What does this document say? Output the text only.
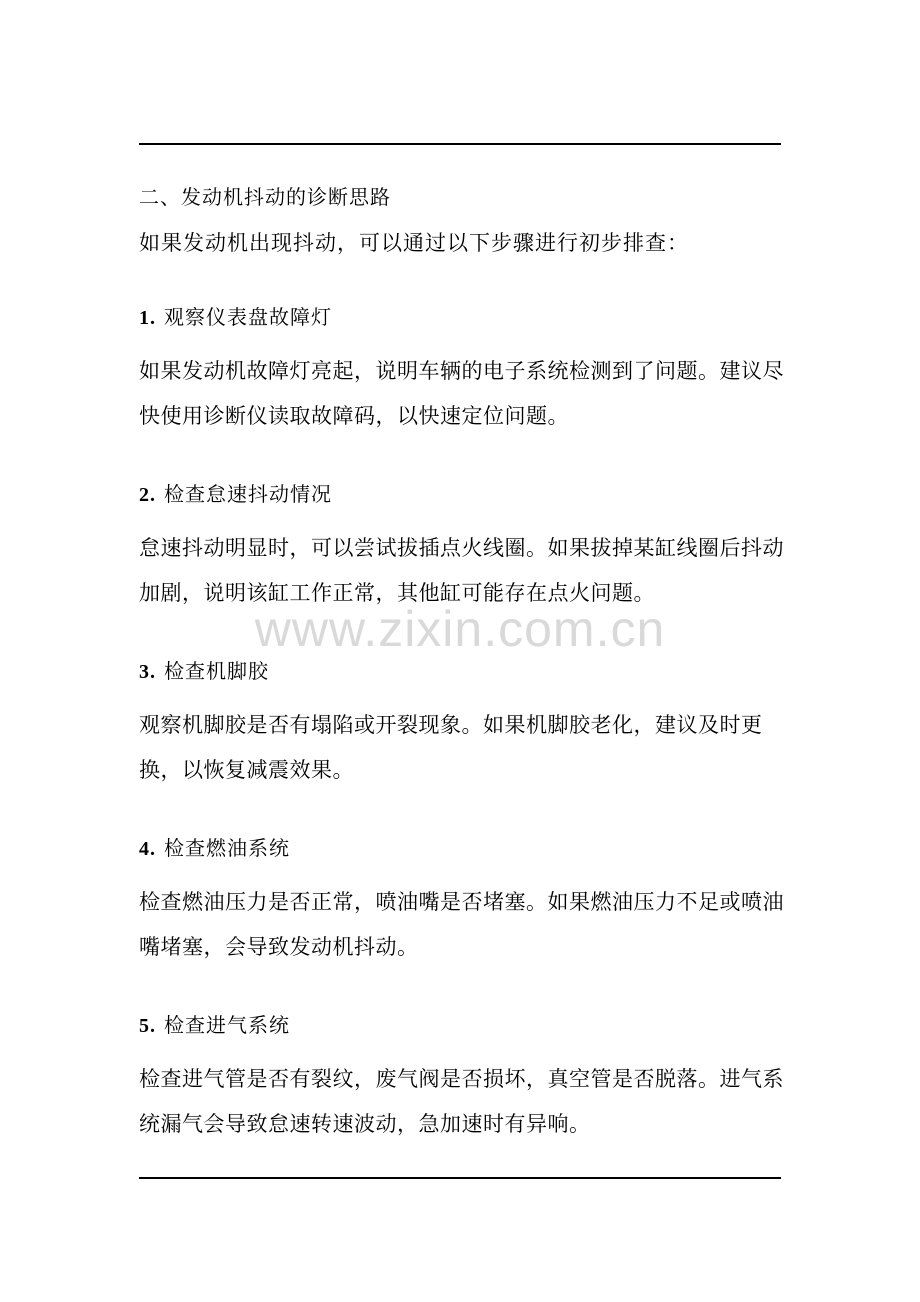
二、发动机抖动的诊断思路
如果发动机出现抖动，可以通过以下步骤进行初步排查：
1. 观察仪表盘故障灯

如果发动机故障灯亮起，说明车辆的电子系统检测到了问题。建议尽快使用诊断仪读取故障码，以快速定位问题。

2. 检查怠速抖动情况

怠速抖动明显时，可以尝试拔插点火线圈。如果拔掉某缸线圈后抖动加剧，说明该缸工作正常，其他缸可能存在点火问题。

3. 检查机脚胶

观察机脚胶是否有塌陷或开裂现象。如果机脚胶老化，建议及时更换，以恢复减震效果。

4. 检查燃油系统

检查燃油压力是否正常，喷油嘴是否堵塞。如果燃油压力不足或喷油嘴堵塞，会导致发动机抖动。

5. 检查进气系统

检查进气管是否有裂纹，废气阀是否损坏，真空管是否脱落。进气系统漏气会导致怠速转速波动，急加速时有异响。

www.zixin.com.cn
